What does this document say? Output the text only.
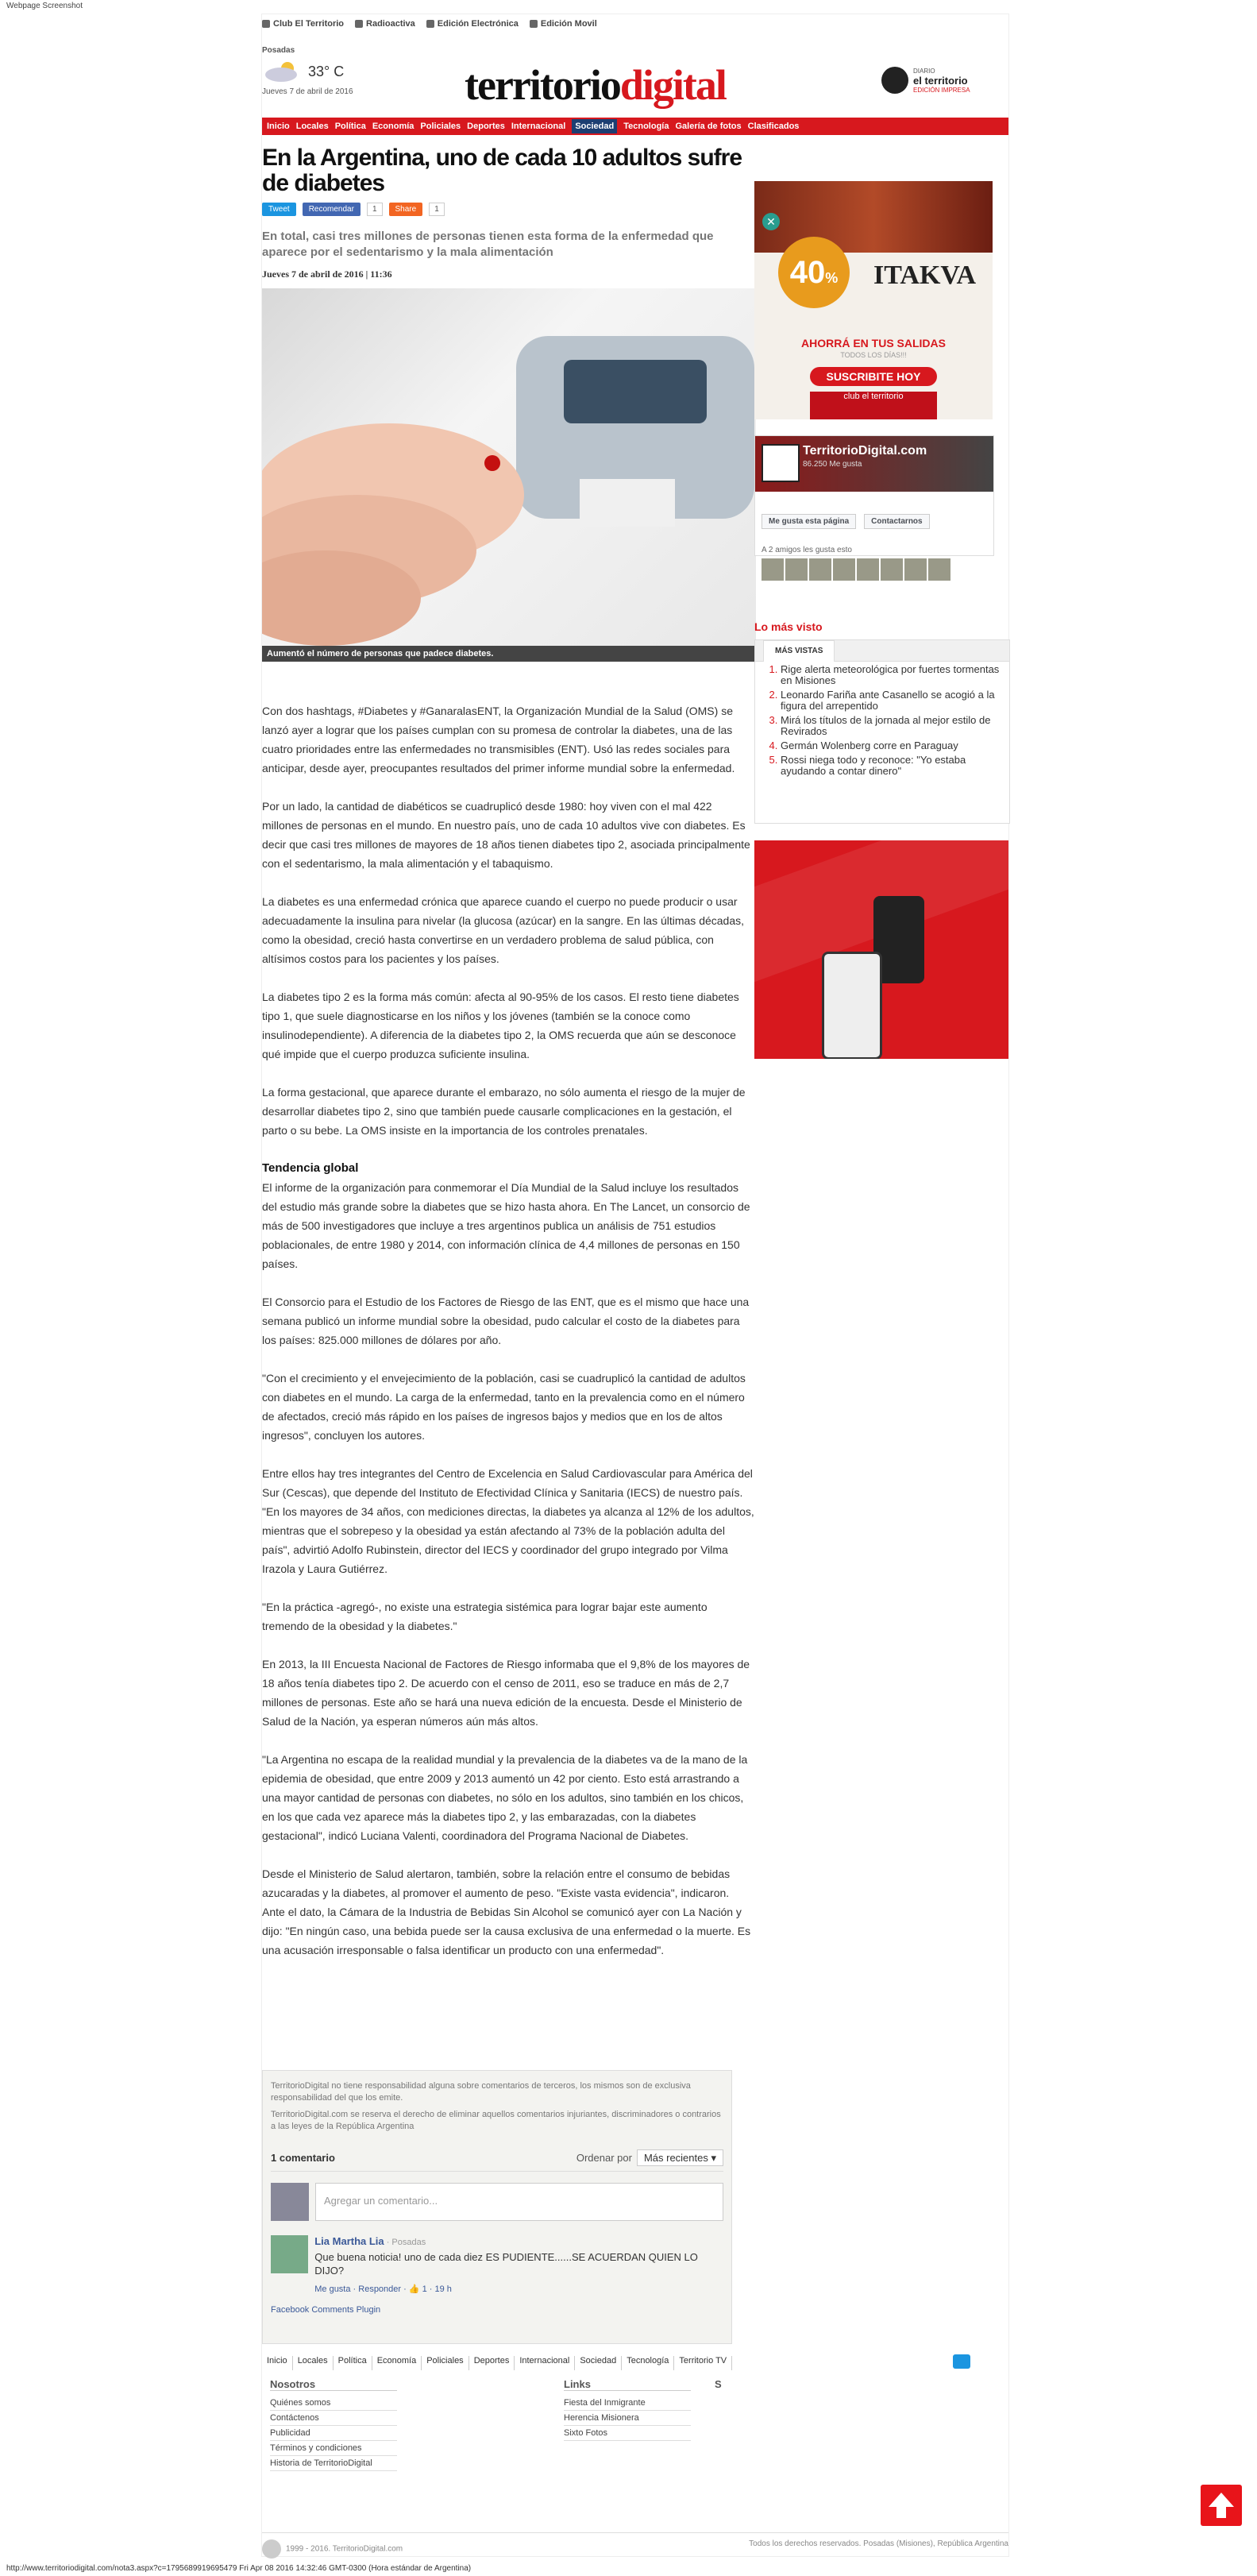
Webpage Screenshot
Club El Territorio	Radioactiva	Edición Electrónica	Edición Movil
Posadas
33° C
Jueves 7 de abril de 2016	territoriodigital	DIARIO
el territorio
EDICIÓN IMPRESA
Inicio Locales Política Economía Policiales Deportes Internacional	Sociedad	Tecnología Galería de fotos Clasificados
En la Argentina, uno de cada 10 adultos sufre de diabetes
Tweet	Recomendar	1	Share	1
En total, casi tres millones de personas tienen esta forma de la enfermedad que aparece por el sedentarismo y la mala alimentación
Jueves 7 de abril de 2016 | 11:36
Aumentó el número de personas que padece diabetes.

Con dos hashtags, #Diabetes y #GanaralasENT, la Organización Mundial de la Salud (OMS) se lanzó ayer a lograr que los países cumplan con su promesa de controlar la diabetes, una de las cuatro prioridades entre las enfermedades no transmisibles (ENT). Usó las redes sociales para anticipar, desde ayer, preocupantes resultados del primer informe mundial sobre la enfermedad.

Por un lado, la cantidad de diabéticos se cuadruplicó desde 1980: hoy viven con el mal 422 millones de personas en el mundo. En nuestro país, uno de cada 10 adultos vive con diabetes. Es decir que casi tres millones de mayores de 18 años tienen diabetes tipo 2, asociada principalmente con el sedentarismo, la mala alimentación y el tabaquismo.

La diabetes es una enfermedad crónica que aparece cuando el cuerpo no puede producir o usar adecuadamente la insulina para nivelar (la glucosa (azúcar) en la sangre. En las últimas décadas, como la obesidad, creció hasta convertirse en un verdadero problema de salud pública, con altísimos costos para los pacientes y los países.

La diabetes tipo 2 es la forma más común: afecta al 90-95% de los casos. El resto tiene diabetes tipo 1, que suele diagnosticarse en los niños y los jóvenes (también se la conoce como insulinodependiente). A diferencia de la diabetes tipo 2, la OMS recuerda que aún se desconoce qué impide que el cuerpo produzca suficiente insulina.

La forma gestacional, que aparece durante el embarazo, no sólo aumenta el riesgo de la mujer de desarrollar diabetes tipo 2, sino que también puede causarle complicaciones en la gestación, el parto o su bebe. La OMS insiste en la importancia de los controles prenatales.

Tendencia global

El informe de la organización para conmemorar el Día Mundial de la Salud incluye los resultados del estudio más grande sobre la diabetes que se hizo hasta ahora. En The Lancet, un consorcio de más de 500 investigadores que incluye a tres argentinos publica un análisis de 751 estudios poblacionales, de entre 1980 y 2014, con información clínica de 4,4 millones de personas en 150 países.

El Consorcio para el Estudio de los Factores de Riesgo de las ENT, que es el mismo que hace una semana publicó un informe mundial sobre la obesidad, pudo calcular el costo de la diabetes para los países: 825.000 millones de dólares por año.

"Con el crecimiento y el envejecimiento de la población, casi se cuadruplicó la cantidad de adultos con diabetes en el mundo. La carga de la enfermedad, tanto en la prevalencia como en el número de afectados, creció más rápido en los países de ingresos bajos y medios que en los de altos ingresos", concluyen los autores.

Entre ellos hay tres integrantes del Centro de Excelencia en Salud Cardiovascular para América del Sur (Cescas), que depende del Instituto de Efectividad Clínica y Sanitaria (IECS) de nuestro país. "En los mayores de 34 años, con mediciones directas, la diabetes ya alcanza al 12% de los adultos, mientras que el sobrepeso y la obesidad ya están afectando al 73% de la población adulta del país", advirtió Adolfo Rubinstein, director del IECS y coordinador del grupo integrado por Vilma Irazola y Laura Gutiérrez.

"En la práctica -agregó-, no existe una estrategia sistémica para lograr bajar este aumento tremendo de la obesidad y la diabetes."

En 2013, la III Encuesta Nacional de Factores de Riesgo informaba que el 9,8% de los mayores de 18 años tenía diabetes tipo 2. De acuerdo con el censo de 2011, eso se traduce en más de 2,7 millones de personas. Este año se hará una nueva edición de la encuesta. Desde el Ministerio de Salud de la Nación, ya esperan números aún más altos.

"La Argentina no escapa de la realidad mundial y la prevalencia de la diabetes va de la mano de la epidemia de obesidad, que entre 2009 y 2013 aumentó un 42 por ciento. Esto está arrastrando a una mayor cantidad de personas con diabetes, no sólo en los adultos, sino también en los chicos, en los que cada vez aparece más la diabetes tipo 2, y las embarazadas, con la diabetes gestacional", indicó Luciana Valenti, coordinadora del Programa Nacional de Diabetes.

Desde el Ministerio de Salud alertaron, también, sobre la relación entre el consumo de bebidas azucaradas y la diabetes, al promover el aumento de peso. "Existe vasta evidencia", indicaron. Ante el dato, la Cámara de la Industria de Bebidas Sin Alcohol se comunicó ayer con La Nación y dijo: "En ningún caso, una bebida puede ser la causa exclusiva de una enfermedad o la muerte. Es una acusación irresponsable o falsa identificar un producto con una enfermedad".

TerritorioDigital no tiene responsabilidad alguna sobre comentarios de terceros, los mismos son de exclusiva responsabilidad del que los emite.
TerritorioDigital.com se reserva el derecho de eliminar aquellos comentarios injuriantes, discriminadores o contrarios a las leyes de la República Argentina
1 comentario	Ordenar por Más recientes ▾
Agregar un comentario...
Lia Martha Lia · Posadas
Que buena noticia! uno de cada diez ES PUDIENTE......SE ACUERDAN QUIEN LO DIJO?
Me gusta · Responder · 👍 1 · 19 h
Facebook Comments Plugin
Inicio	Locales	Política	Economía	Policiales	Deportes	Internacional	Sociedad	Tecnología	Territorio TV
Nosotros
Quiénes somos
Contáctenos
Publicidad
Términos y condiciones
Historia de TerritorioDigital
Links
Fiesta del Inmigrante
Herencia Misionera
Sixto Fotos
S
1999 - 2016. TerritorioDigital.com
Todos los derechos reservados. Posadas (Misiones), República Argentina
✕
40%	ITAKVA
AHORRÁ EN TUS SALIDAS
TODOS LOS DÍAS!!!
SUSCRIBITE HOY
club el territorio
TerritorioDigital.com
86.250 Me gusta
Me gusta esta página	Contactarnos
A 2 amigos les gusta esto
Lo más visto
MÁS VISTAS
1. Rige alerta meteorológica por fuertes tormentas en Misiones
2. Leonardo Fariña ante Casanello se acogió a la figura del arrepentido
3. Mirá los títulos de la jornada al mejor estilo de Revirados
4. Germán Wolenberg corre en Paraguay
5. Rossi niega todo y reconoce: "Yo estaba ayudando a contar dinero"
http://www.territoriodigital.com/nota3.aspx?c=1795689919695479 Fri Apr 08 2016 14:32:46 GMT-0300 (Hora estándar de Argentina)
